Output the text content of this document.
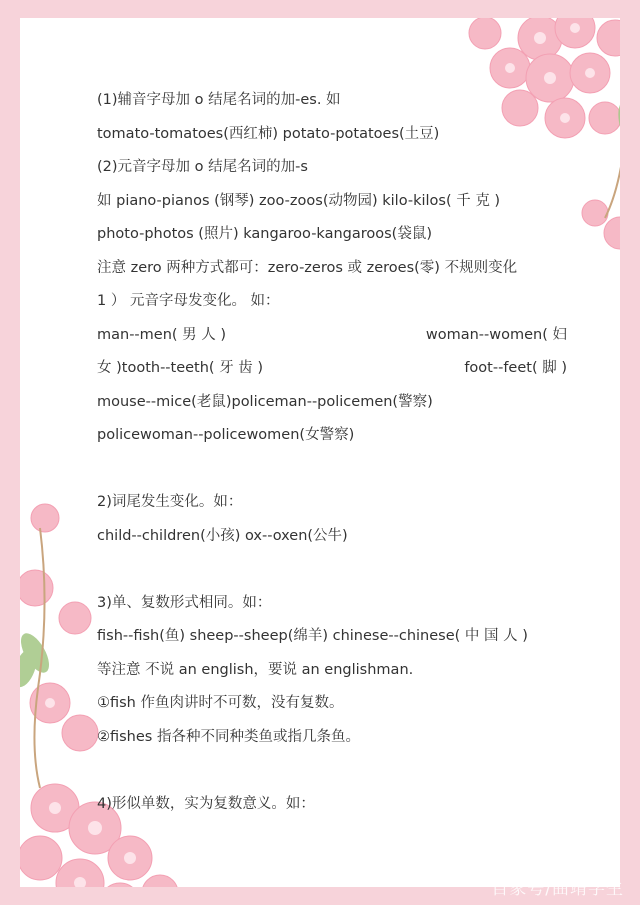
(1)辅音字母加 o 结尾名词的加-es. 如
tomato-tomatoes(西红柿) potato-potatoes(土豆)
(2)元音字母加 o 结尾名词的加-s
如 piano-pianos (钢琴) zoo-zoos(动物园) kilo-kilos( 千 克 )
photo-photos (照片) kangaroo-kangaroos(袋鼠)
注意 zero 两种方式都可：zero-zeros 或 zeroes(零) 不规则变化
1 ） 元音字母发变化。 如：
man--men( 男 人 )	woman--women( 妇
女 )tooth--teeth( 牙 齿 )	foot--feet( 脚 )
mouse--mice(老鼠)policeman--policemen(警察)
policewoman--policewomen(女警察)
2)词尾发生变化。如：
child--children(小孩) ox--oxen(公牛)
3)单、复数形式相同。如：
fish--fish(鱼) sheep--sheep(绵羊) chinese--chinese( 中 国 人 )
等注意 不说 an english，要说 an englishman.
①fish 作鱼肉讲时不可数，没有复数。
②fishes 指各种不同种类鱼或指几条鱼。
4)形似单数，实为复数意义。如：
百家号/曲靖学生
